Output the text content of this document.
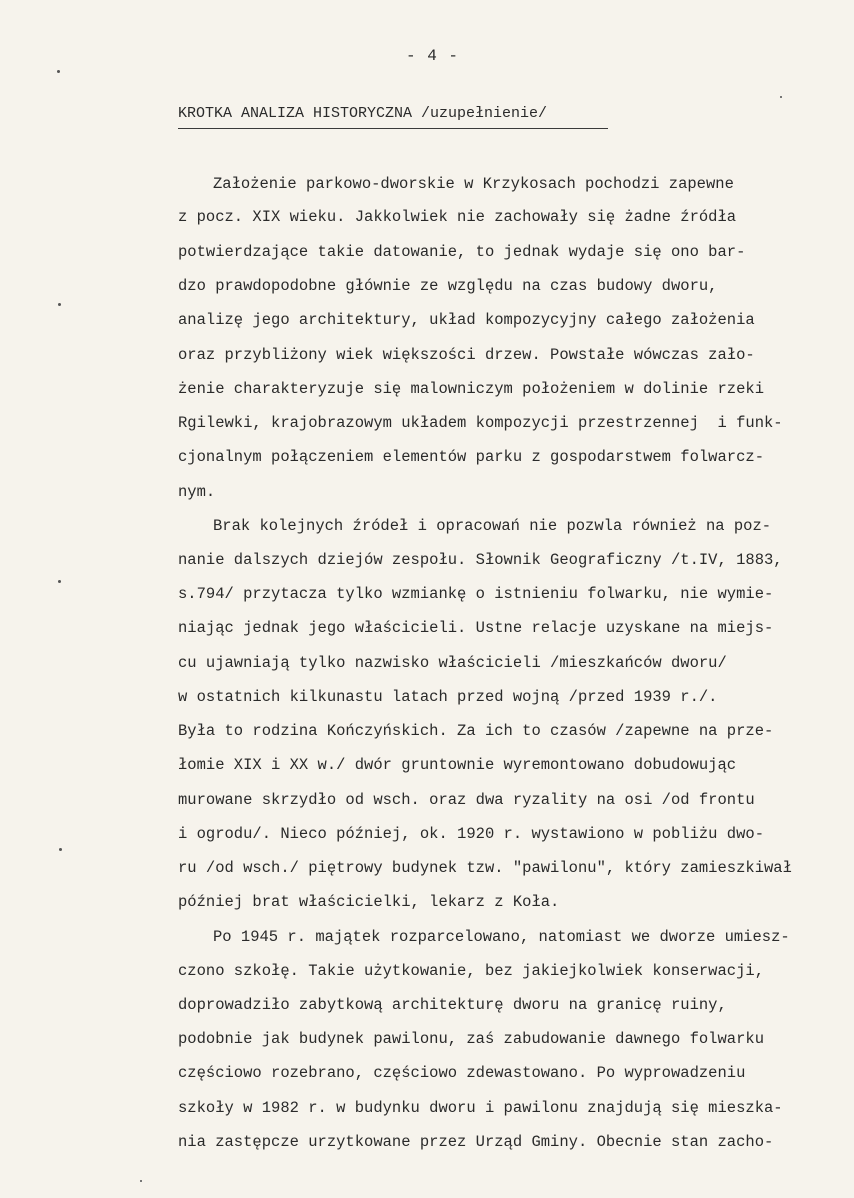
- 4 -
KROTKA ANALIZA HISTORYCZNA /uzupełnienie/
Założenie parkowo-dworskie w Krzykosach pochodzi zapewne
z pocz. XIX wieku. Jakkolwiek nie zachowały się żadne źródła
potwierdzające takie datowanie, to jednak wydaje się ono bar-
dzo prawdopodobne głównie ze względu na czas budowy dworu,
analizę jego architektury, układ kompozycyjny całego założenia
oraz przybliżony wiek większości drzew. Powstałe wówczas zało-
żenie charakteryzuje się malowniczym położeniem w dolinie rzeki
Rgilewki, krajobrazowym układem kompozycji przestrzennej  i funk-
cjonalnym połączeniem elementów parku z gospodarstwem folwarcz-
nym.
Brak kolejnych źródeł i opracowań nie pozwla również na poz-
nanie dalszych dziejów zespołu. Słownik Geograficzny /t.IV, 1883,
s.794/ przytacza tylko wzmiankę o istnieniu folwarku, nie wymie-
niając jednak jego właścicieli. Ustne relacje uzyskane na miejs-
cu ujawniają tylko nazwisko właścicieli /mieszkańców dworu/
w ostatnich kilkunastu latach przed wojną /przed 1939 r./.
Była to rodzina Kończyńskich. Za ich to czasów /zapewne na prze-
łomie XIX i XX w./ dwór gruntownie wyremontowano dobudowując
murowane skrzydło od wsch. oraz dwa ryzality na osi /od frontu
i ogrodu/. Nieco później, ok. 1920 r. wystawiono w pobliżu dwo-
ru /od wsch./ piętrowy budynek tzw. "pawilonu", który zamieszkiwał
później brat właścicielki, lekarz z Koła.
Po 1945 r. majątek rozparcelowano, natomiast we dworze umiesz-
czono szkołę. Takie użytkowanie, bez jakiejkolwiek konserwacji,
doprowadziło zabytkową architekturę dworu na granicę ruiny,
podobnie jak budynek pawilonu, zaś zabudowanie dawnego folwarku
częściowo rozebrano, częściowo zdewastowano. Po wyprowadzeniu
szkoły w 1982 r. w budynku dworu i pawilonu znajdują się mieszka-
nia zastępcze urzytkowane przez Urząd Gminy. Obecnie stan zacho-
